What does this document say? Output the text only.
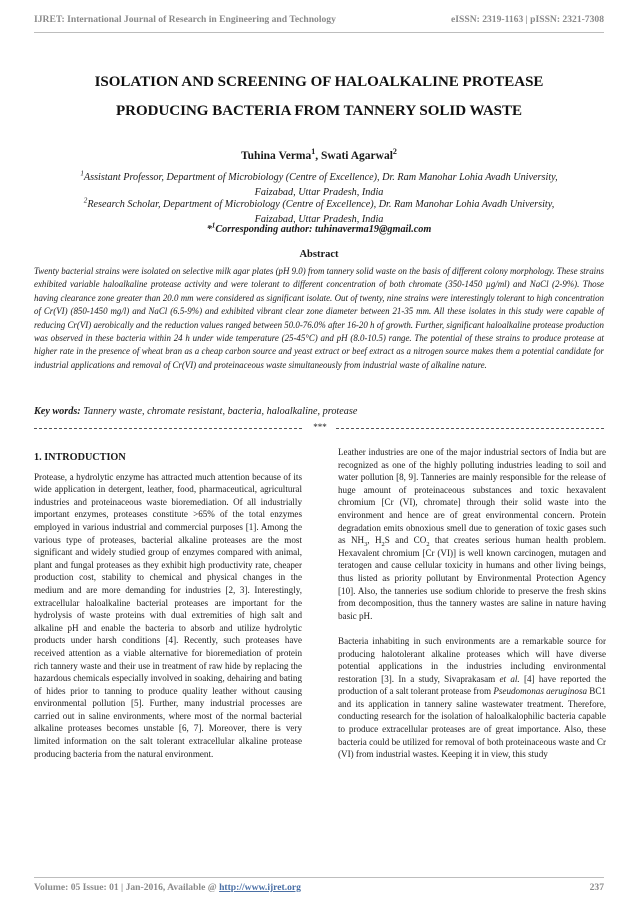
IJRET: International Journal of Research in Engineering and Technology	eISSN: 2319-1163 | pISSN: 2321-7308
ISOLATION AND SCREENING OF HALOALKALINE PROTEASE
PRODUCING BACTERIA FROM TANNERY SOLID WASTE
Tuhina Verma$^1$, Swati Agarwal$^2$
$^1$Assistant Professor, Department of Microbiology (Centre of Excellence), Dr. Ram Manohar Lohia Avadh University,
Faizabad, Uttar Pradesh, India
$^2$Research Scholar, Department of Microbiology (Centre of Excellence), Dr. Ram Manohar Lohia Avadh University,
Faizabad, Uttar Pradesh, India
*$^1$Corresponding author: tuhinaverma19@gmail.com
Abstract
Twenty bacterial strains were isolated on selective milk agar plates (pH 9.0) from tannery solid waste on the basis of different colony morphology. These strains exhibited variable haloalkaline protease activity and were tolerant to different concentration of both chromate (350-1450 µg/ml) and NaCl (2-9%). Those having clearance zone greater than 20.0 mm were considered as significant isolate. Out of twenty, nine strains were interestingly tolerant to high concentration of Cr(VI) (850-1450 mg/l) and NaCl (6.5-9%) and exhibited vibrant clear zone diameter between 21-35 mm. All these isolates in this study were capable of reducing Cr(VI) aerobically and the reduction values ranged between 50.0-76.0% after 16-20 h of growth. Further, significant haloalkaline protease production was observed in these bacteria within 24 h under wide temperature (25-45°C) and pH (8.0-10.5) range. The potential of these strains to produce protease at higher rate in the presence of wheat bran as a cheap carbon source and yeast extract or beef extract as a nitrogen source makes them a potential candidate for industrial applications and removal of Cr(VI) and proteinaceous waste simultaneously from industrial waste of alkaline nature.
Key words: Tannery waste, chromate resistant, bacteria, haloalkaline, protease
***
1. INTRODUCTION

Protease, a hydrolytic enzyme has attracted much attention because of its wide application in detergent, leather, food, pharmaceutical, agricultural industries and proteinaceous waste bioremediation. Of all industrially important enzymes, proteases constitute >65% of the total enzymes employed in various industrial and commercial purposes [1]. Among the various type of proteases, bacterial alkaline proteases are the most significant and widely studied group of enzymes compared with animal, plant and fungal proteases as they exhibit high productivity rate, cheaper production cost, stability to chemical and physical changes in the medium and are more demanding for industries [2, 3]. Interestingly, extracellular haloalkaline bacterial proteases are important for the hydrolysis of waste proteins with dual extremities of high salt and alkaline pH and enable the bacteria to absorb and utilize hydrolytic products under harsh conditions [4]. Recently, such proteases have received attention as a viable alternative for bioremediation of protein rich tannery waste and their use in treatment of raw hide by replacing the hazardous chemicals especially involved in soaking, dehairing and bating of hides prior to tanning to produce quality leather without causing environmental pollution [5]. Further, many industrial processes are carried out in saline environments, where most of the normal bacterial alkaline proteases becomes unstable [6, 7]. Moreover, there is very limited information on the salt tolerant extracellular alkaline protease producing bacteria from the natural environment.

Leather industries are one of the major industrial sectors of India but are recognized as one of the highly polluting industries leading to soil and water pollution [8, 9]. Tanneries are mainly responsible for the release of huge amount of proteinaceous substances and toxic hexavalent chromium [Cr (VI), chromate] through their solid waste into the environment and hence are of great environmental concern. Protein degradation emits obnoxious smell due to generation of toxic gases such as $NH_3$, $H_2S$ and $CO_2$ that creates serious human health problem. Hexavalent chromium [Cr (VI)] is well known carcinogen, mutagen and teratogen and cause cellular toxicity in humans and other living beings, thus listed as priority pollutant by Environmental Protection Agency [10]. Also, the tanneries use sodium chloride to preserve the fresh skins from decomposition, thus the tannery wastes are saline in nature having basic pH.

Bacteria inhabiting in such environments are a remarkable source for producing halotolerant alkaline proteases which will have diverse potential applications in the industries including environmental restoration [3]. In a study, Sivaprakasam et al. [4] have reported the production of a salt tolerant protease from Pseudomonas aeruginosa BC1 and its application in tannery saline wastewater treatment. Therefore, conducting research for the isolation of haloalkalophilic bacteria capable to produce extracellular proteases are of great importance. Also, these bacteria could be utilized for removal of both proteinaceous waste and Cr (VI) from industrial wastes. Keeping it in view, this study

Volume: 05 Issue: 01 | Jan-2016, Available @ http://www.ijret.org	237
